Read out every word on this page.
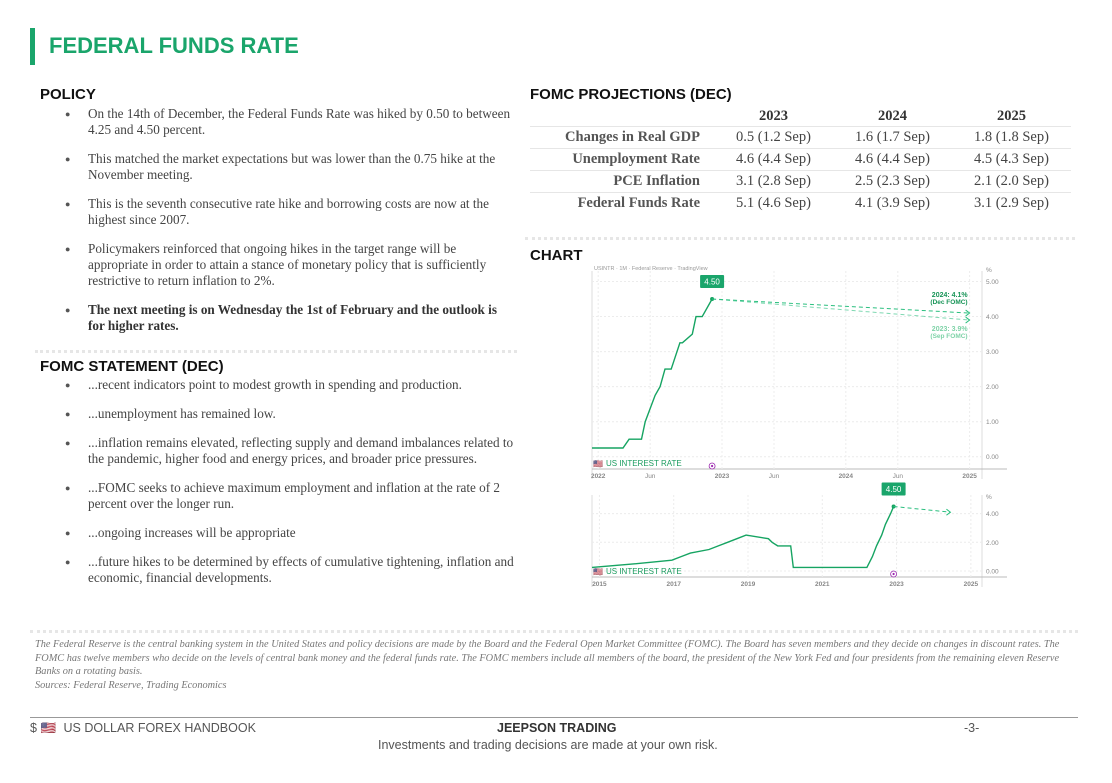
FEDERAL FUNDS RATE
POLICY
● On the 14th of December, the Federal Funds Rate was hiked by 0.50 to between 4.25 and 4.50 percent.
● This matched the market expectations but was lower than the 0.75 hike at the November meeting.
● This is the seventh consecutive rate hike and borrowing costs are now at the highest since 2007.
● Policymakers reinforced that ongoing hikes in the target range will be appropriate in order to attain a stance of monetary policy that is sufficiently restrictive to return inflation to 2%.
● The next meeting is on Wednesday the 1st of February and the outlook is for higher rates.
FOMC STATEMENT (DEC)
● ...recent indicators point to modest growth in spending and production.
● ...unemployment has remained low.
● ...inflation remains elevated, reflecting supply and demand imbalances related to the pandemic, higher food and energy prices, and broader price pressures.
● ...FOMC seeks to achieve maximum employment and inflation at the rate of 2 percent over the longer run.
● ...ongoing increases will be appropriate
● ...future hikes to be determined by effects of cumulative tightening, inflation and economic, financial developments.
FOMC PROJECTIONS (DEC)
	2023	2024	2025
Changes in Real GDP	0.5 (1.2 Sep)	1.6 (1.7 Sep)	1.8 (1.8 Sep)
Unemployment Rate	4.6 (4.4 Sep)	4.6 (4.4 Sep)	4.5 (4.3 Sep)
PCE Inflation	3.1 (2.8 Sep)	2.5 (2.3 Sep)	2.1 (2.0 Sep)
Federal Funds Rate	5.1 (4.6 Sep)	4.1 (3.9 Sep)	3.1 (2.9 Sep)
CHART
5.00
4.00
3.00
2.00
1.00
0.00
%
2022	Jun	2023	Jun	2024	Jun	2025
USINTR · 1M · Federal Reserve · TradingView
2024: 4.1%
(Dec FOMC)
2023: 3.9%
(Sep FOMC)
4.50
🇺🇸 US INTEREST RATE
4.00
2.00
0.00
%
2015	2017	2019	2021	2023	2025
4.50
🇺🇸 US INTEREST RATE
The Federal Reserve is the central banking system in the United States and policy decisions are made by the Board and the Federal Open Market Committee (FOMC). The Board has seven members and they decide on changes in discount rates. The FOMC has twelve members who decide on the levels of central bank money and the federal funds rate. The FOMC members include all members of the board, the president of the New York Fed and four presidents from the remaining eleven Reserve Banks on a rotating basis.
Sources: Federal Reserve, Trading Economics
$ 🇺🇸 US DOLLAR FOREX HANDBOOK	JEEPSON TRADING	-3-
Investments and trading decisions are made at your own risk.
